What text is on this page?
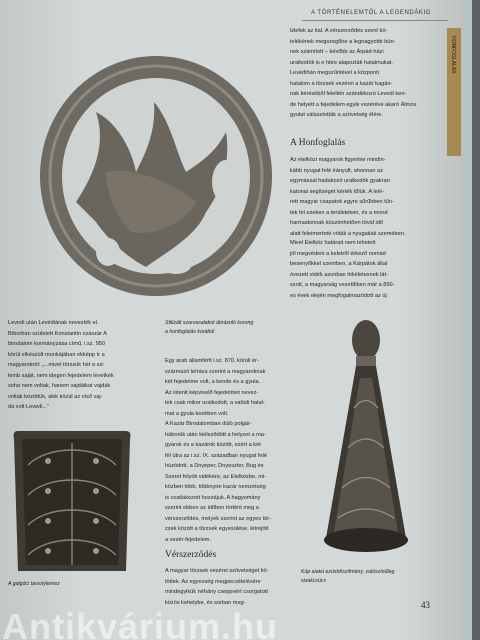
A TÖRTÉNELEMTŐL A LEGENDÁKIG
HONFOGLALÁS
Levedi után Levédiának nevezték el.
Bíborban született Konstantin császár A
birodalom kormányzása című, i.sz. 950
körül elkészült munkájában ekképp ír a
magyarokról: „...mivel törzsük hét a szi
lemb saját, nem idegen fejedelem levetkék
soha nem voltak, hanem vajdáikat vajdák
voltak közöttük, akik közül az első vaj-
da volt Levedi...”
Stilizált szarvasalakot ábrázoló korong
a honfoglalás korából
Egy arab államférfi i.sz. 870. körüli ér-
származó leírása szerint a magyaroknak
két fejedelme volt, a kende és a gyula.
Az istenit képviselő fejedelmet nevez-
tek csak mikor uralkodott, a valódi hatal-
mat a gyula kezében volt.
A Kazár Birodalomban dúló polgár-
háborúk után kiéleződött a helyzet a ma-
gyarok és a kazárok között, ezért a két
fél útra az i.sz. IX. században nyugat felé
húzódott, a Dnyeper, Dnyeszter, Bug és
Szeret folyók vidékére, az Etelközbe, mi-
közben több, többnyire kazár nemzetség
is csatlakozott hozzájuk. A hagyomány
szerint ebben az időben történt meg a
vérszerződés, melyek szerint az egyes tör-
zsek között a törzsek egyesülése, létrejött
a vezér-fejedelem.
A galgóci tarsolylemez
lzlefek az ital. A vérszerződés szent kö-
telékének megszegőire a legnagyobb bün-
nek számított – később az Árpád-házi
uralkodók is e hitre alapozták hatalmukat.
Levédihán megszűntével a központi
hatalom a törzsek vezérei a kazár kagán-
nak kéréséből feleltén szándékozó Levedi ken-
de helyett a fejedelem egyik vezérévé akaró Álmos
gyulat választották a szövetség élére.
A Honfoglalás
Az etelközi magyarok figyelme mindin-
kább nyugat felé irányult, ahonnan az
egymással hadakozó uralkodók gyakran
katonai segítségét kérték tőlük. A leíé-
rett magyar csapatok egyre sűrűbben tűn-
tek fel ezeken a területeken, és a mond
harmadonnak köszönhetően tövid idő
alatt feleimerteté vóták a nyugatiak szemében.
Mivel Etelköz határait nem lehetett
jól megvédeni a keletről érkező nomád
besenyőkkel szemben, a Kárpátok által
óvezett vidék azonban tökéletesnek lát-
szott, a magyarság vezetőiben már a 890-
es évek elején megfogalmazódott az új
Vérszerződés
A magyar törzsek vezérei szövetséget kö-
töttek. Az egyezség megpecsételésére
mindegyikük néhány cseppvért csorgatott
közös kehelybe, és sorban meg-
Kúp alakú ezüstdíszítmény, valószínűleg
sisakcsúcs
43
Antikvárium.hu
